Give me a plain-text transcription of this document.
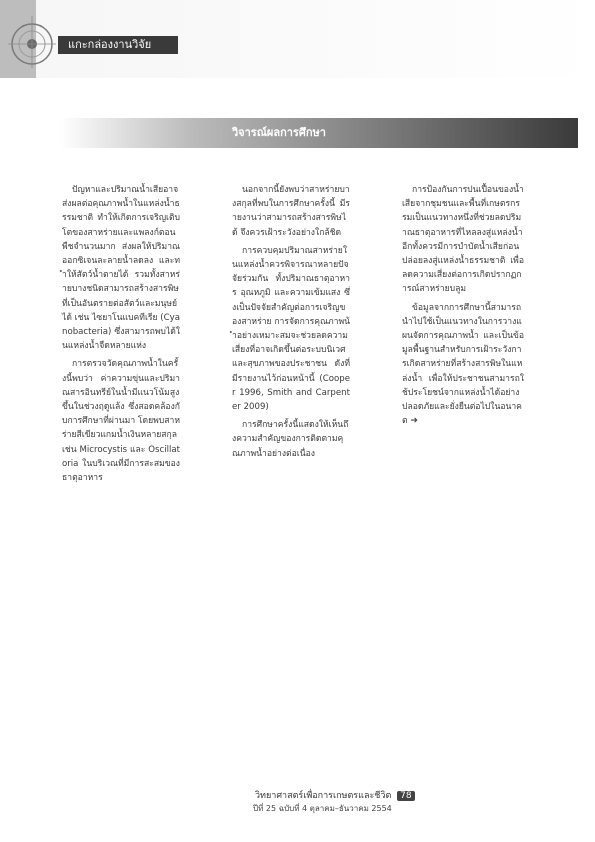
แกะกล่องงานวิจัย
วิจารณ์ผลการศึกษา

ปัญหาและปริมาณน้ำเสียอาจส่งผลต่อคุณภาพน้ำในแหล่งน้ำธรรมชาติ ทำให้เกิดการเจริญเติบโตของสาหร่ายและแพลงก์ตอนพืชจำนวนมาก ส่งผลให้ปริมาณออกซิเจนละลายน้ำลดลง และทำให้สัตว์น้ำตายได้ รวมทั้งสาหร่ายบางชนิดสามารถสร้างสารพิษที่เป็นอันตรายต่อสัตว์และมนุษย์ได้ เช่น ไซยาโนแบคทีเรีย (Cyanobacteria) ซึ่งสามารถพบได้ในแหล่งน้ำจืดหลายแห่ง

การตรวจวัดคุณภาพน้ำในครั้งนี้พบว่า ค่าความขุ่นและปริมาณสารอินทรีย์ในน้ำมีแนวโน้มสูงขึ้นในช่วงฤดูแล้ง ซึ่งสอดคล้องกับการศึกษาที่ผ่านมา โดยพบสาหร่ายสีเขียวแกมน้ำเงินหลายสกุล เช่น Microcystis และ Oscillatoria ในบริเวณที่มีการสะสมของธาตุอาหาร

นอกจากนี้ยังพบว่าสาหร่ายบางสกุลที่พบในการศึกษาครั้งนี้ มีรายงานว่าสามารถสร้างสารพิษได้ จึงควรเฝ้าระวังอย่างใกล้ชิด

การควบคุมปริมาณสาหร่ายในแหล่งน้ำควรพิจารณาหลายปัจจัยร่วมกัน ทั้งปริมาณธาตุอาหาร อุณหภูมิ และความเข้มแสง ซึ่งเป็นปัจจัยสำคัญต่อการเจริญของสาหร่าย การจัดการคุณภาพน้ำอย่างเหมาะสมจะช่วยลดความเสี่ยงที่อาจเกิดขึ้นต่อระบบนิเวศและสุขภาพของประชาชน ดังที่มีรายงานไว้ก่อนหน้านี้ (Cooper 1996, Smith and Carpenter 2009)

การศึกษาครั้งนี้แสดงให้เห็นถึงความสำคัญของการติดตามคุณภาพน้ำอย่างต่อเนื่อง

การป้องกันการปนเปื้อนของน้ำเสียจากชุมชนและพื้นที่เกษตรกรรมเป็นแนวทางหนึ่งที่ช่วยลดปริมาณธาตุอาหารที่ไหลลงสู่แหล่งน้ำ อีกทั้งควรมีการบำบัดน้ำเสียก่อนปล่อยลงสู่แหล่งน้ำธรรมชาติ เพื่อลดความเสี่ยงต่อการเกิดปรากฏการณ์สาหร่ายบลูม

ข้อมูลจากการศึกษานี้สามารถนำไปใช้เป็นแนวทางในการวางแผนจัดการคุณภาพน้ำ และเป็นข้อมูลพื้นฐานสำหรับการเฝ้าระวังการเกิดสาหร่ายที่สร้างสารพิษในแหล่งน้ำ เพื่อให้ประชาชนสามารถใช้ประโยชน์จากแหล่งน้ำได้อย่างปลอดภัยและยั่งยืนต่อไปในอนาคต ➜

วิทยาศาสตร์เพื่อการเกษตรและชีวิต 78
ปีที่ 25 ฉบับที่ 4 ตุลาคม–ธันวาคม 2554
